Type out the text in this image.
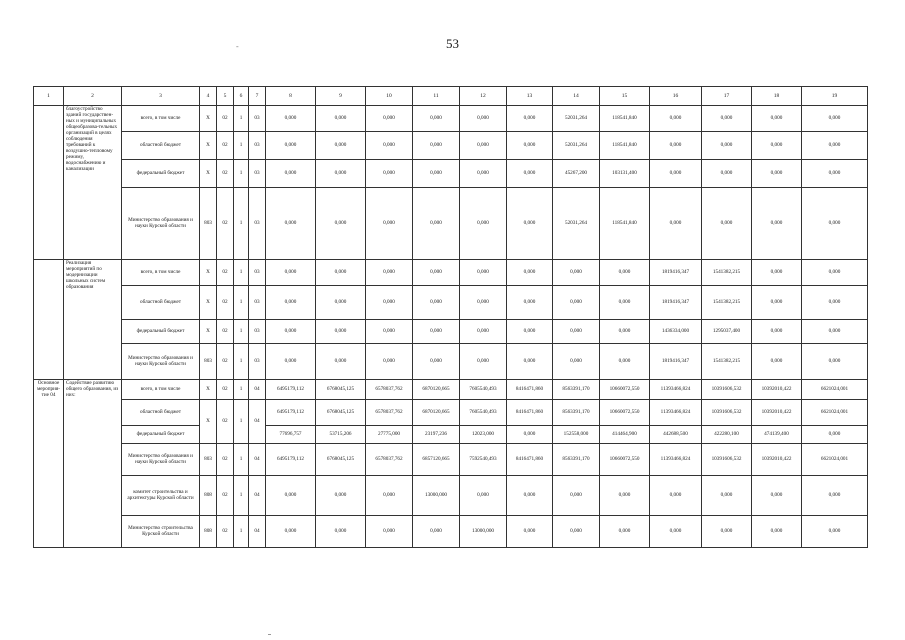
53
-
1	2	3	4	5	6	7	8	9	10	11	12	13	14	15	16	17	18	19
	благоустройство зданий государствен-ных и муниципальных общеобразова-тельных организаций в целях соблюдения требований к воздушно-тепловому режиму, водоснабжению и канализации	всего, в том числе	Х	02	1	03	0,000	0,000	0,000	0,000	0,000	0,000	52031,264	118541,840	0,000	0,000	0,000	0,000
		областной бюджет	Х	02	1	03	0,000	0,000	0,000	0,000	0,000	0,000	52031,264	118541,840	0,000	0,000	0,000	0,000
		федеральный бюджет	Х	02	1	03	0,000	0,000	0,000	0,000	0,000	0,000	45267,200	103131,400	0,000	0,000	0,000	0,000
		Министерство образования и науки Курской области	803	02	1	03	0,000	0,000	0,000	0,000	0,000	0,000	52031,264	118541,840	0,000	0,000	0,000	0,000
	Реализация мероприятий по модернизации школьных систем образования	всего, в том числе	Х	02	1	03	0,000	0,000	0,000	0,000	0,000	0,000	0,000	0,000	1819416,347	1541382,215	0,000	0,000
		областной бюджет	Х	02	1	03	0,000	0,000	0,000	0,000	0,000	0,000	0,000	0,000	1819416,347	1541382,215	0,000	0,000
		федеральный бюджет	Х	02	1	03	0,000	0,000	0,000	0,000	0,000	0,000	0,000	0,000	1436334,000	1295037,400	0,000	0,000
		Министерство образования и науки Курской области	803	02	1	03	0,000	0,000	0,000	0,000	0,000	0,000	0,000	0,000	1819416,347	1541382,215	0,000	0,000
Основное мероприя-тие 04	Содействие развитию общего образования, из них:	всего, в том числе	Х	02	1	04	6495179,112	6768045,125	6578037,762	6870120,665	7605540,493	8416471,860	8563391,170	10660072,550	11393466,824	10391606,532	10392010,422	6621024,001
		областной бюджет	Х	02	1	04	6495179,112	6768045,125	6578037,762	6870120,665	7605540,493	8416471,860	8563391,170	10660072,550	11393466,824	10391606,532	10392010,422	6621024,001
		федеральный бюджет					77696,757	53715,206	27775,000	23197,236	12023,000	0,000	152558,000	414464,900	442688,500	422280,100	474139,400	0,000
		Министерство образования и науки Курской области	803	02	1	04	6495179,112	6768045,125	6578037,762	6857120,665	7592540,493	8416471,860	8563391,170	10660072,550	11393466,824	10391606,532	10392010,422	6621024,001
		комитет строительства и архитектуры Курской области	808	02	1	04	0,000	0,000	0,000	13000,000	0,000	0,000	0,000	0,000	0,000	0,000	0,000	0,000
		Министерство строительства Курской области	808	02	1	04	0,000	0,000	0,000	0,000	13000,000	0,000	0,000	0,000	0,000	0,000	0,000	0,000
